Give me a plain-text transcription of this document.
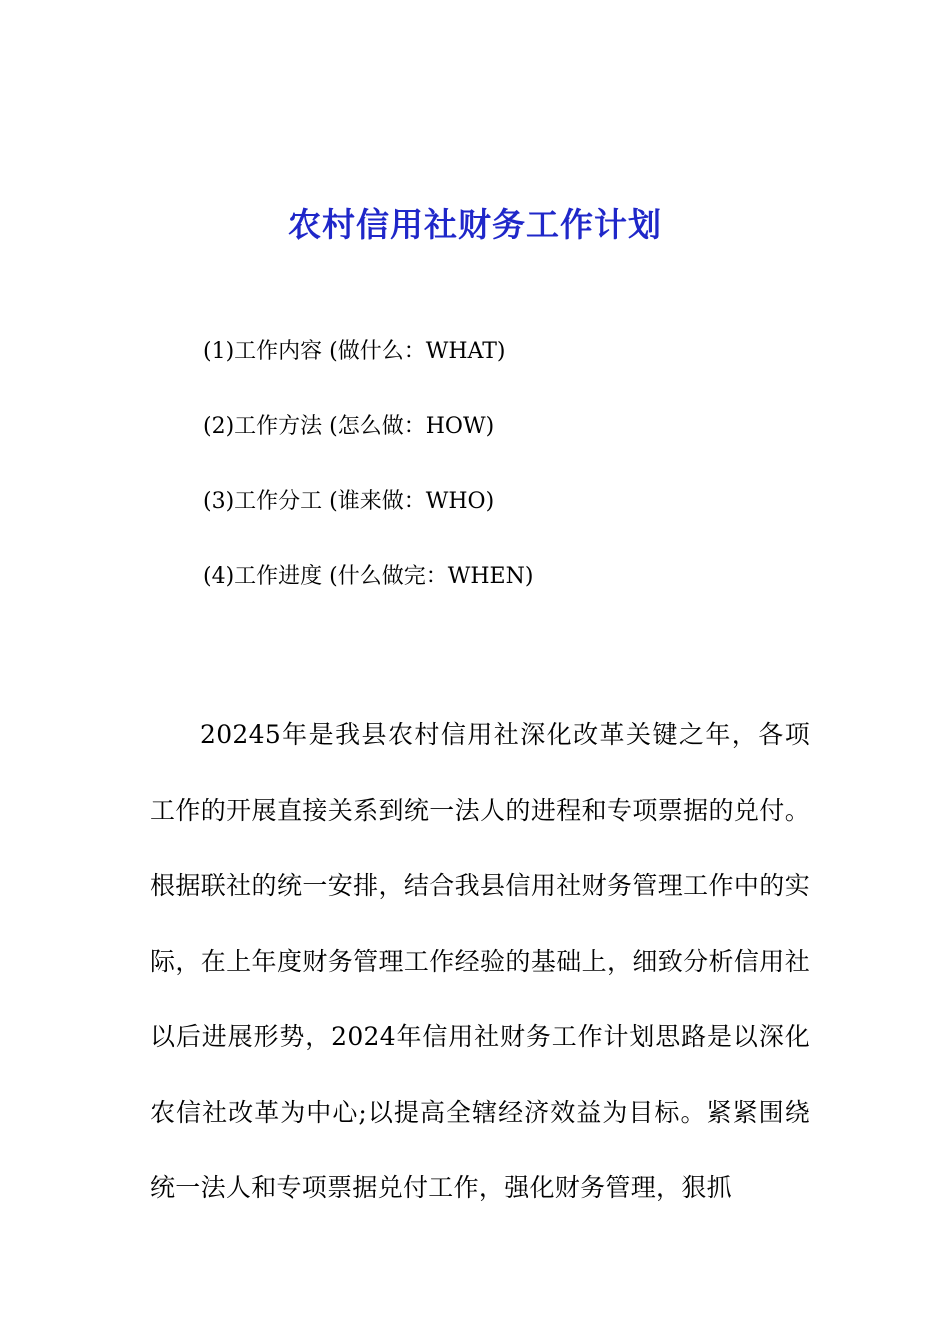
农村信用社财务工作计划
(1)工作内容 (做什么：WHAT)
(2)工作方法 (怎么做：HOW)
(3)工作分工 (谁来做：WHO)
(4)工作进度 (什么做完：WHEN)

20245年是我县农村信用社深化改革关键之年，各项工作的开展直接关系到统一法人的进程和专项票据的兑付。根据联社的统一安排，结合我县信用社财务管理工作中的实际，在上年度财务管理工作经验的基础上，细致分析信用社以后进展形势，2024年信用社财务工作计划思路是以深化农信社改革为中心;以提高全辖经济效益为目标。紧紧围绕统一法人和专项票据兑付工作，强化财务管理，狠抓
